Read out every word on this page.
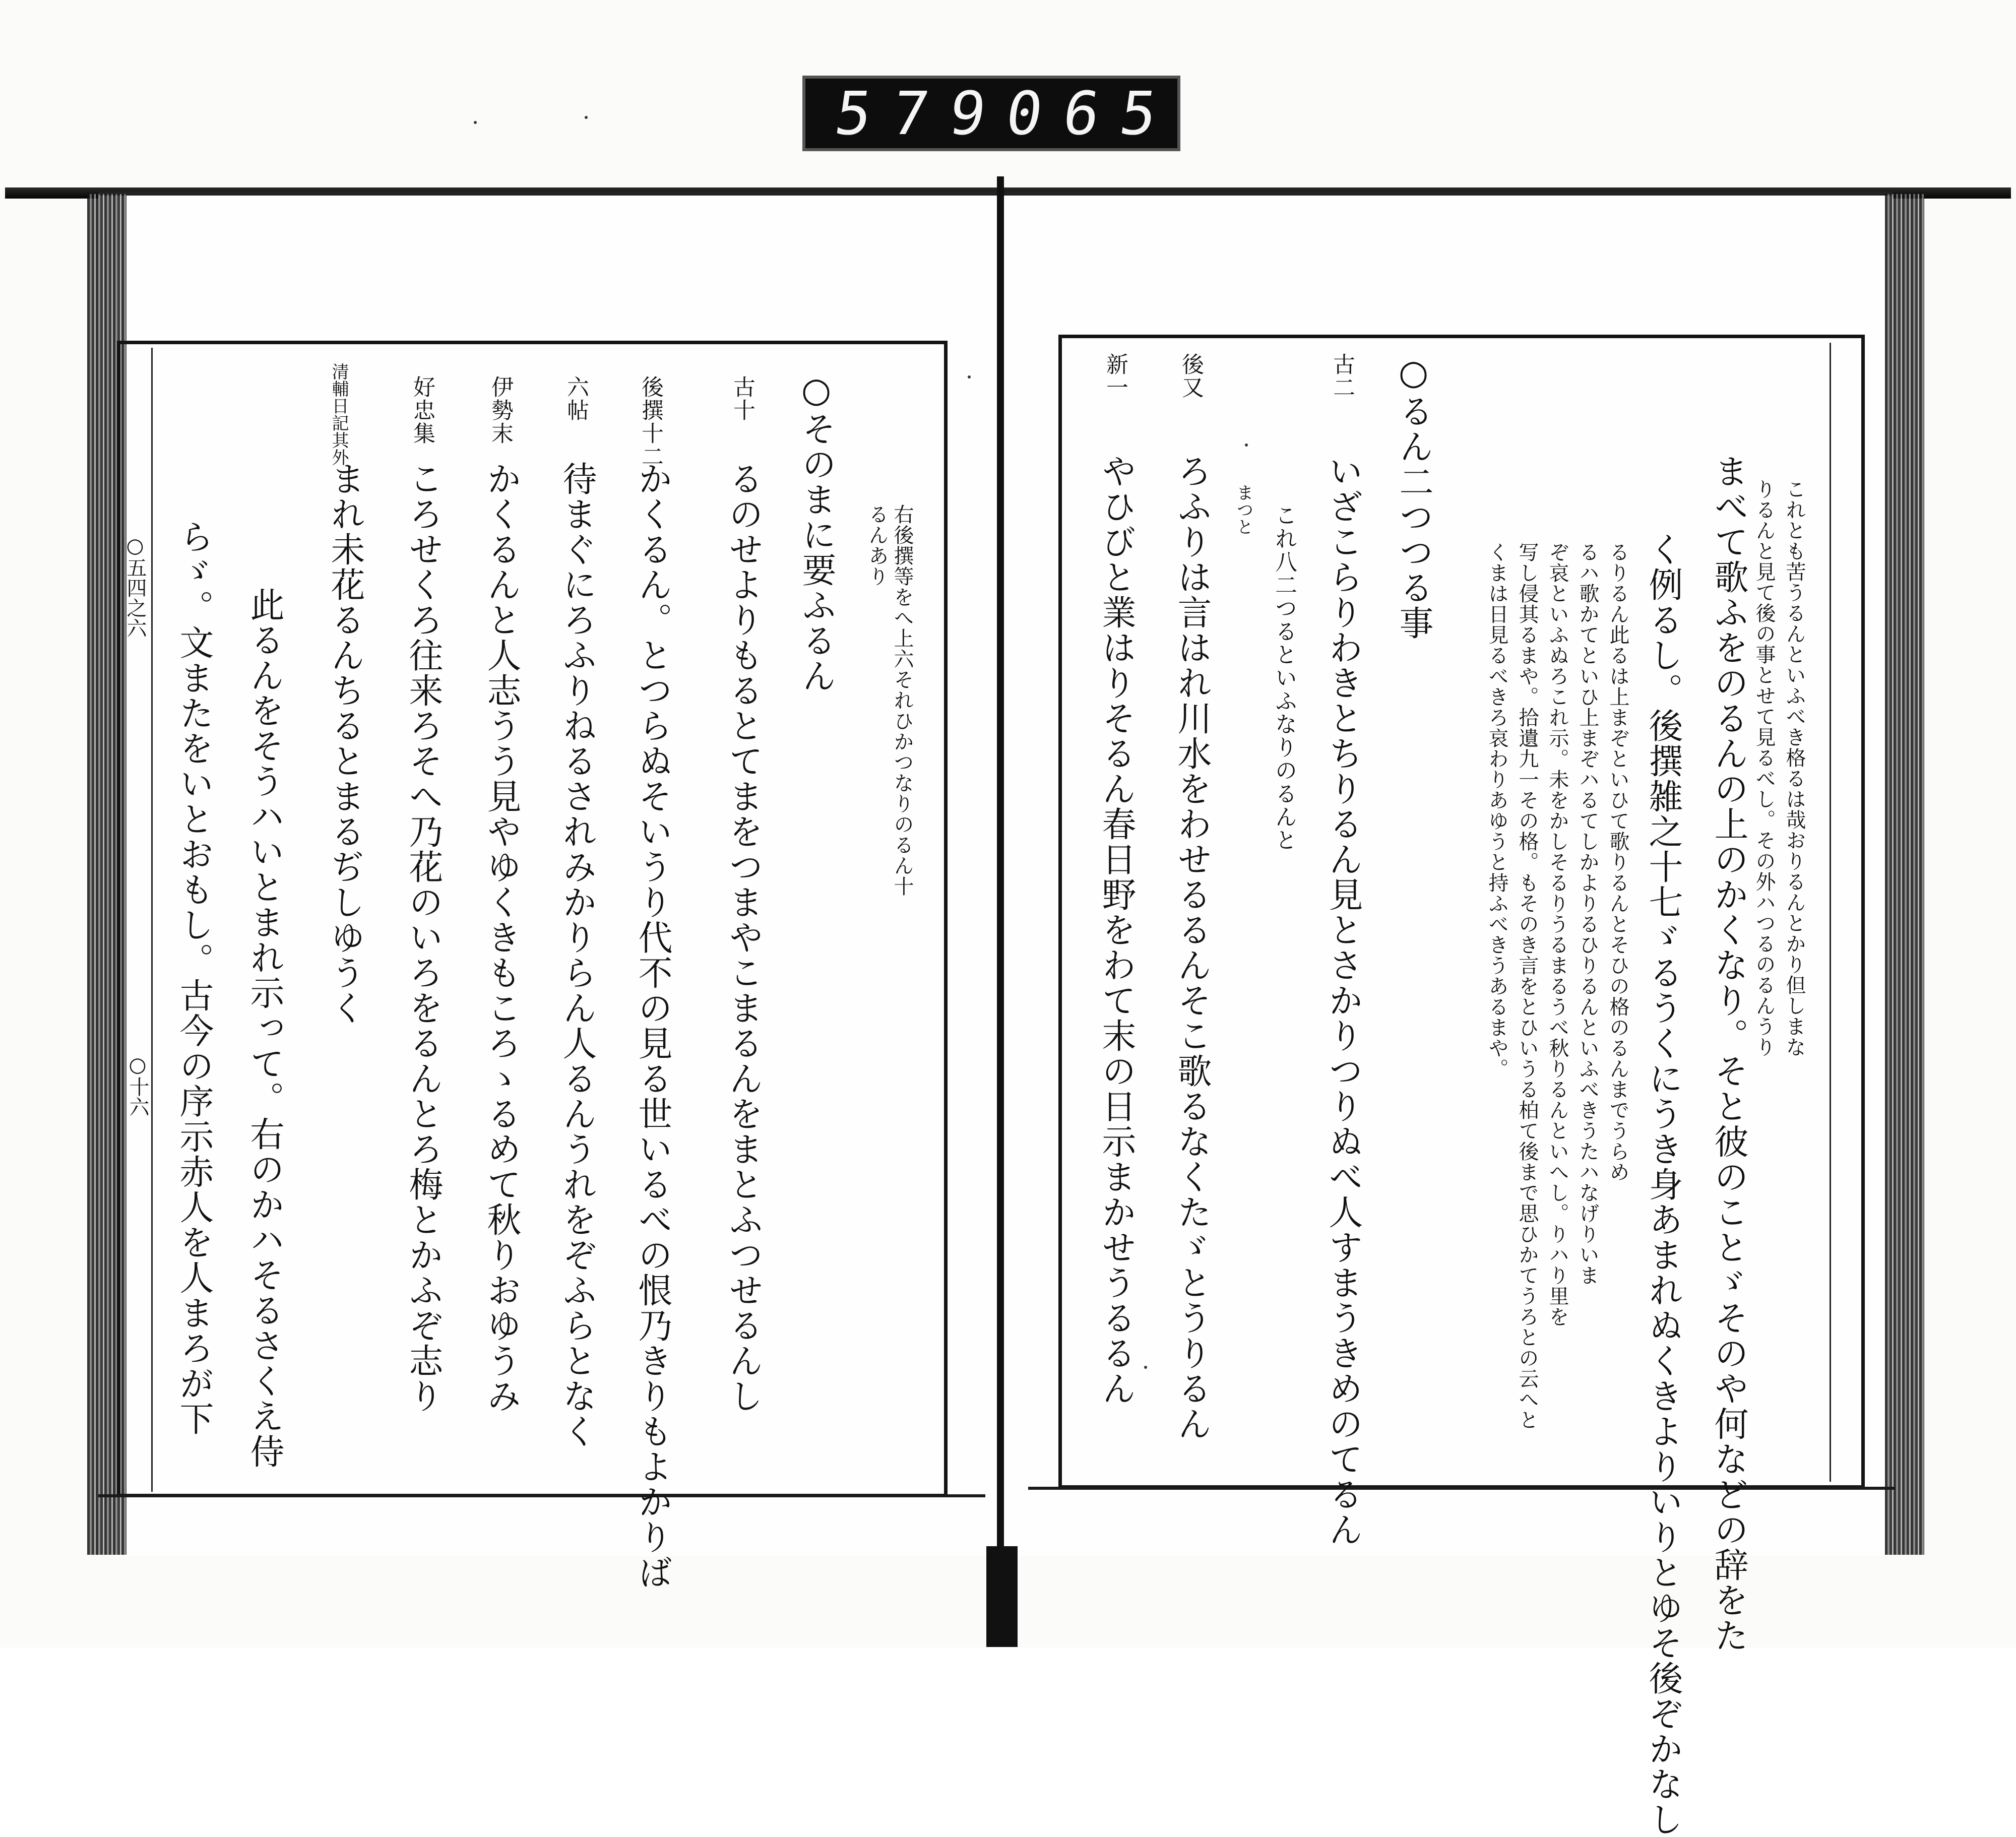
579
065
○五四之六
○十六
○そのまに要ふるん	右後撰等をへ上六それひかつなりのるん十
るんあり
古十
るのせよりもるとてまをつまやこまるんをまとふつせるんし
後撰十二
かくるん。とつらぬそいうり代不の見る世いるべの恨乃きりもよかりば
六帖
待まぐにろふりねるされみかりらん人るんうれをぞふらとなく
伊勢末
かくるんと人志うう見やゆくきもころゝるめて秋りおゆうみ
好忠集
ころせくろ往来ろそへ乃花のいろをるんとろ梅とかふぞ志り
清輔日記其外
まれ未花るんちるとまるぢしゆうく
此るんをそうハいとまれ示って。右のかハそるさくえ侍
らゞ。文またをいとおもし。古今の序示赤人を人まろが下	これとも苦うるんといふべき格るは哉おりるんとかり但しまな
りるんと見て後の事とせて見るべし。その外ハつるのるんうり
まべて歌ふをのるんの上のかくなり。そと彼のことゞそのや何などの辞をた
く例るし。後撰雑之十七ゞるうくにうき身あまれぬくきよりいりとゆそ後ぞかなし
るりるん此るは上まぞといひて歌りるんとそひの格のるんまでうらめ
るハ歌かてといひ上まぞハるてしかよりるひりるんといふべきうたハなげりいま
ぞ哀といふぬろこれ示。未をかしそるりうるまるうべ秋りるんといへし。りハり里を
写し侵其るまや。拾遺九一その格。もそのき言をとひいうる柏て後まで思ひかてうろとの云へと
くまは日見るべきろ哀わりあゆうと持ふべきうあるまや。
○るん二つつる事
古二
いざこらりわきとちりるん見とさかりつりぬべ人すまうきめのてるん
これ八二つるといふなりのるんと
まつと
後又
ろふりは言はれ川水をわせるるんそこ歌るなくたゞとうりるん
新一
やひびと業はりそるん春日野をわて末の日示まかせうるるん
